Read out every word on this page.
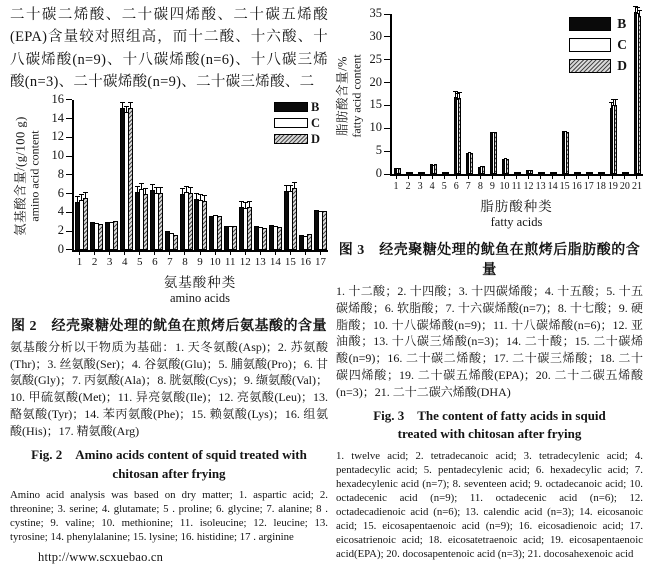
二十碳二烯酸、二十碳四烯酸、二十碳五烯酸(EPA)含量较对照组高，而十二酸、十六酸、十八碳烯酸(n=9)、十八碳烯酸(n=6)、十八碳三烯酸(n=3)、二十碳烯酸(n=9)、二十碳三烯酸、二
氨基酸含量/(g/100 g) amino acid content
0
2
4
6
8
10
12
14
16
B
C
D
1 2 3 4 5 6 7 8 9 10 11 12 13 14 15 16 17
氨基酸种类
amino acids
图 2　经壳聚糖处理的鱿鱼在煎烤后氨基酸的含量
氨基酸分析以干物质为基础：1. 天冬氨酸(Asp)；2. 苏氨酸(Thr)；3. 丝氨酸(Ser)；4. 谷氨酸(Glu)；5. 脯氨酸(Pro)；6. 甘氨酸(Gly)；7. 丙氨酸(Ala)；8. 胱氨酸(Cys)；9. 缬氨酸(Val)；10. 甲硫氨酸(Met)；11. 异亮氨酸(Ile)；12. 亮氨酸(Leu)；13. 酪氨酸(Tyr)；14. 苯丙氨酸(Phe)；15. 赖氨酸(Lys)；16. 组氨酸(His)；17. 精氨酸(Arg)
Fig. 2　Amino acids content of squid treated with chitosan after frying
Amino acid analysis was based on dry matter; 1. aspartic acid; 2. threonine; 3. serine; 4. glutamate; 5 . proline; 6. glycine; 7. alanine; 8 . cystine; 9. valine; 10. methionine; 11. isoleucine; 12. leucine; 13. tyrosine; 14. phenylalanine; 15. lysine; 16. histidine; 17 . arginine
脂肪酸含量/% fatty acid content
0
5
10
15
20
25
30
35
B
C
D
1 2 3 4 5 6 7 8 9 10 11 12 13 14 15 16 17 18 19 20 21
脂肪酸种类
fatty acids
图 3　经壳聚糖处理的鱿鱼在煎烤后脂肪酸的含量
1. 十二酸；2. 十四酸；3. 十四碳烯酸；4. 十五酸；5. 十五碳烯酸；6. 软脂酸；7. 十六碳烯酸(n=7)；8. 十七酸；9. 硬脂酸；10. 十八碳烯酸(n=9)；11. 十八碳烯酸(n=6)；12. 亚油酸；13. 十八碳三烯酸(n=3)；14. 二十酸；15. 二十碳烯酸(n=9)；16. 二十碳二烯酸；17. 二十碳三烯酸；18. 二十碳四烯酸；19. 二十碳五烯酸(EPA)；20. 二十二碳五烯酸(n=3)；21. 二十二碳六烯酸(DHA)
Fig. 3　The content of fatty acids in squid treated with chitosan after frying
1. twelve acid; 2. tetradecanoic acid; 3. tetradecylenic acid; 4. pentadecylic acid; 5. pentadecylenic acid; 6. hexadecylic acid; 7. hexadecylenic acid (n=7); 8. seventeen acid; 9. octadecanoic acid; 10. octadecenic acid (n=9); 11. octadecenic acid (n=6); 12. octadecadienoic acid (n=6); 13. calendic acid (n=3); 14. eicosanoic acid; 15. eicosapentaenoic acid (n=9); 16. eicosadienoic acid; 17. eicosatrienoic acid; 18. eicosatetraenoic acid; 19. eicosapentaenoic acid(EPA); 20. docosapentenoic acid (n=3); 21. docosahexenoic acid
http://www.scxuebao.cn
